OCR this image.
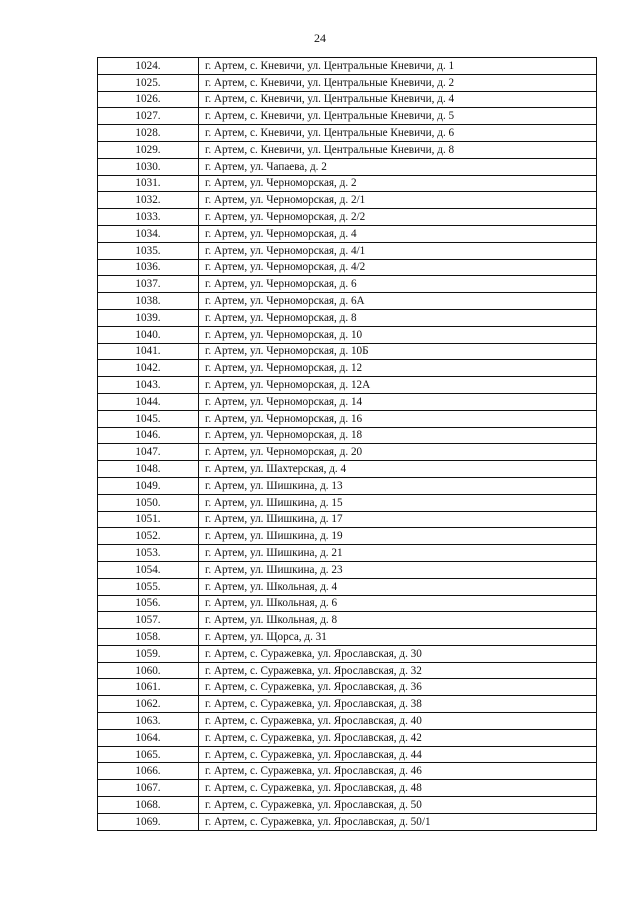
24
1024.	г. Артем, с. Кневичи, ул. Центральные Кневичи, д. 1
1025.	г. Артем, с. Кневичи, ул. Центральные Кневичи, д. 2
1026.	г. Артем, с. Кневичи, ул. Центральные Кневичи, д. 4
1027.	г. Артем, с. Кневичи, ул. Центральные Кневичи, д. 5
1028.	г. Артем, с. Кневичи, ул. Центральные Кневичи, д. 6
1029.	г. Артем, с. Кневичи, ул. Центральные Кневичи, д. 8
1030.	г. Артем, ул. Чапаева, д. 2
1031.	г. Артем, ул. Черноморская, д. 2
1032.	г. Артем, ул. Черноморская, д. 2/1
1033.	г. Артем, ул. Черноморская, д. 2/2
1034.	г. Артем, ул. Черноморская, д. 4
1035.	г. Артем, ул. Черноморская, д. 4/1
1036.	г. Артем, ул. Черноморская, д. 4/2
1037.	г. Артем, ул. Черноморская, д. 6
1038.	г. Артем, ул. Черноморская, д. 6А
1039.	г. Артем, ул. Черноморская, д. 8
1040.	г. Артем, ул. Черноморская, д. 10
1041.	г. Артем, ул. Черноморская, д. 10Б
1042.	г. Артем, ул. Черноморская, д. 12
1043.	г. Артем, ул. Черноморская, д. 12А
1044.	г. Артем, ул. Черноморская, д. 14
1045.	г. Артем, ул. Черноморская, д. 16
1046.	г. Артем, ул. Черноморская, д. 18
1047.	г. Артем, ул. Черноморская, д. 20
1048.	г. Артем, ул. Шахтерская, д. 4
1049.	г. Артем, ул. Шишкина, д. 13
1050.	г. Артем, ул. Шишкина, д. 15
1051.	г. Артем, ул. Шишкина, д. 17
1052.	г. Артем, ул. Шишкина, д. 19
1053.	г. Артем, ул. Шишкина, д. 21
1054.	г. Артем, ул. Шишкина, д. 23
1055.	г. Артем, ул. Школьная, д. 4
1056.	г. Артем, ул. Школьная, д. 6
1057.	г. Артем, ул. Школьная, д. 8
1058.	г. Артем, ул. Щорса, д. 31
1059.	г. Артем, с. Суражевка, ул. Ярославская, д. 30
1060.	г. Артем, с. Суражевка, ул. Ярославская, д. 32
1061.	г. Артем, с. Суражевка, ул. Ярославская, д. 36
1062.	г. Артем, с. Суражевка, ул. Ярославская, д. 38
1063.	г. Артем, с. Суражевка, ул. Ярославская, д. 40
1064.	г. Артем, с. Суражевка, ул. Ярославская, д. 42
1065.	г. Артем, с. Суражевка, ул. Ярославская, д. 44
1066.	г. Артем, с. Суражевка, ул. Ярославская, д. 46
1067.	г. Артем, с. Суражевка, ул. Ярославская, д. 48
1068.	г. Артем, с. Суражевка, ул. Ярославская, д. 50
1069.	г. Артем, с. Суражевка, ул. Ярославская, д. 50/1
